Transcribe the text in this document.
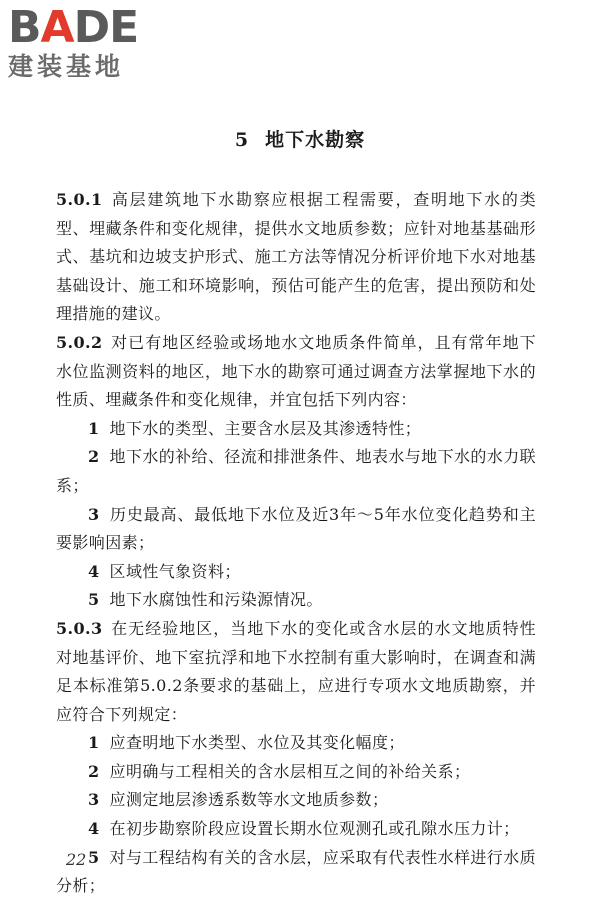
BADE
建装基地
5 地下水勘察

5.0.1 高层建筑地下水勘察应根据工程需要，查明地下水的类型、埋藏条件和变化规律，提供水文地质参数；应针对地基基础形式、基坑和边坡支护形式、施工方法等情况分析评价地下水对地基基础设计、施工和环境影响，预估可能产生的危害，提出预防和处理措施的建议。

5.0.2 对已有地区经验或场地水文地质条件简单，且有常年地下水位监测资料的地区，地下水的勘察可通过调查方法掌握地下水的性质、埋藏条件和变化规律，并宜包括下列内容：

1 地下水的类型、主要含水层及其渗透特性；

2 地下水的补给、径流和排泄条件、地表水与地下水的水力联系；

3 历史最高、最低地下水位及近3年～5年水位变化趋势和主要影响因素；

4 区域性气象资料；

5 地下水腐蚀性和污染源情况。

5.0.3 在无经验地区，当地下水的变化或含水层的水文地质特性对地基评价、地下室抗浮和地下水控制有重大影响时，在调查和满足本标准第5.0.2条要求的基础上，应进行专项水文地质勘察，并应符合下列规定：

1 应查明地下水类型、水位及其变化幅度；

2 应明确与工程相关的含水层相互之间的补给关系；

3 应测定地层渗透系数等水文地质参数；

4 在初步勘察阶段应设置长期水位观测孔或孔隙水压力计；

5 对与工程结构有关的含水层，应采取有代表性水样进行水质分析；

22
